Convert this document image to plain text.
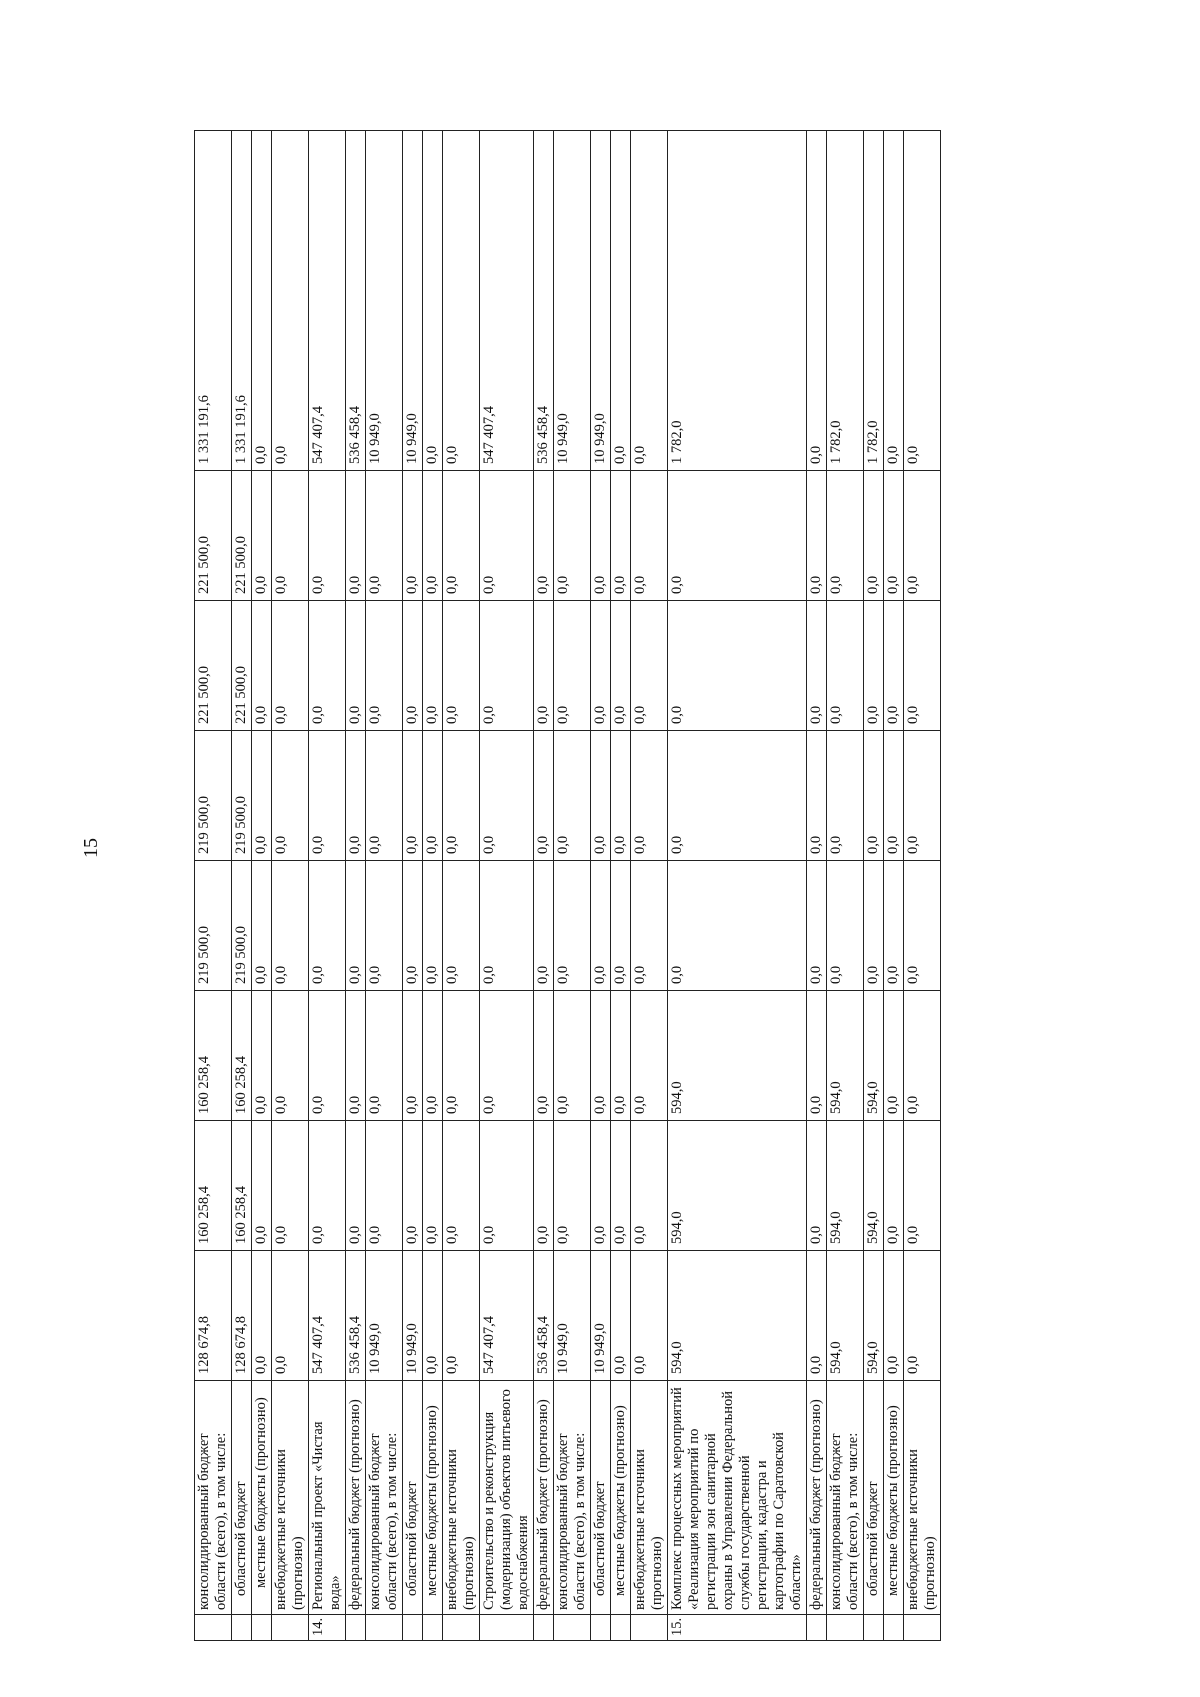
15
	консолидированный бюджет области (всего), в том числе:	128 674,8	160 258,4	160 258,4	219 500,0	219 500,0	221 500,0	221 500,0	1 331 191,6
	областной бюджет	128 674,8	160 258,4	160 258,4	219 500,0	219 500,0	221 500,0	221 500,0	1 331 191,6
	местные бюджеты (прогнозно)	0,0	0,0	0,0	0,0	0,0	0,0	0,0	0,0
	внебюджетные источники (прогнозно)	0,0	0,0	0,0	0,0	0,0	0,0	0,0	0,0
14.	Региональный проект «Чистая вода»	547 407,4	0,0	0,0	0,0	0,0	0,0	0,0	547 407,4
	федеральный бюджет (прогнозно)	536 458,4	0,0	0,0	0,0	0,0	0,0	0,0	536 458,4
	консолидированный бюджет области (всего), в том числе:	10 949,0	0,0	0,0	0,0	0,0	0,0	0,0	10 949,0
	областной бюджет	10 949,0	0,0	0,0	0,0	0,0	0,0	0,0	10 949,0
	местные бюджеты (прогнозно)	0,0	0,0	0,0	0,0	0,0	0,0	0,0	0,0
	внебюджетные источники (прогнозно)	0,0	0,0	0,0	0,0	0,0	0,0	0,0	0,0
	Строительство и реконструкция (модернизация) объектов питьевого водоснабжения	547 407,4	0,0	0,0	0,0	0,0	0,0	0,0	547 407,4
	федеральный бюджет (прогнозно)	536 458,4	0,0	0,0	0,0	0,0	0,0	0,0	536 458,4
	консолидированный бюджет области (всего), в том числе:	10 949,0	0,0	0,0	0,0	0,0	0,0	0,0	10 949,0
	областной бюджет	10 949,0	0,0	0,0	0,0	0,0	0,0	0,0	10 949,0
	местные бюджеты (прогнозно)	0,0	0,0	0,0	0,0	0,0	0,0	0,0	0,0
	внебюджетные источники (прогнозно)	0,0	0,0	0,0	0,0	0,0	0,0	0,0	0,0
15.	Комплекс процессных мероприятий «Реализация мероприятий по регистрации зон санитарной охраны в Управлении Федеральной службы государственной регистрации, кадастра и картографии по Саратовской области»	594,0	594,0	594,0	0,0	0,0	0,0	0,0	1 782,0
	федеральный бюджет (прогнозно)	0,0	0,0	0,0	0,0	0,0	0,0	0,0	0,0
	консолидированный бюджет области (всего), в том числе:	594,0	594,0	594,0	0,0	0,0	0,0	0,0	1 782,0
	областной бюджет	594,0	594,0	594,0	0,0	0,0	0,0	0,0	1 782,0
	местные бюджеты (прогнозно)	0,0	0,0	0,0	0,0	0,0	0,0	0,0	0,0
	внебюджетные источники (прогнозно)	0,0	0,0	0,0	0,0	0,0	0,0	0,0	0,0
